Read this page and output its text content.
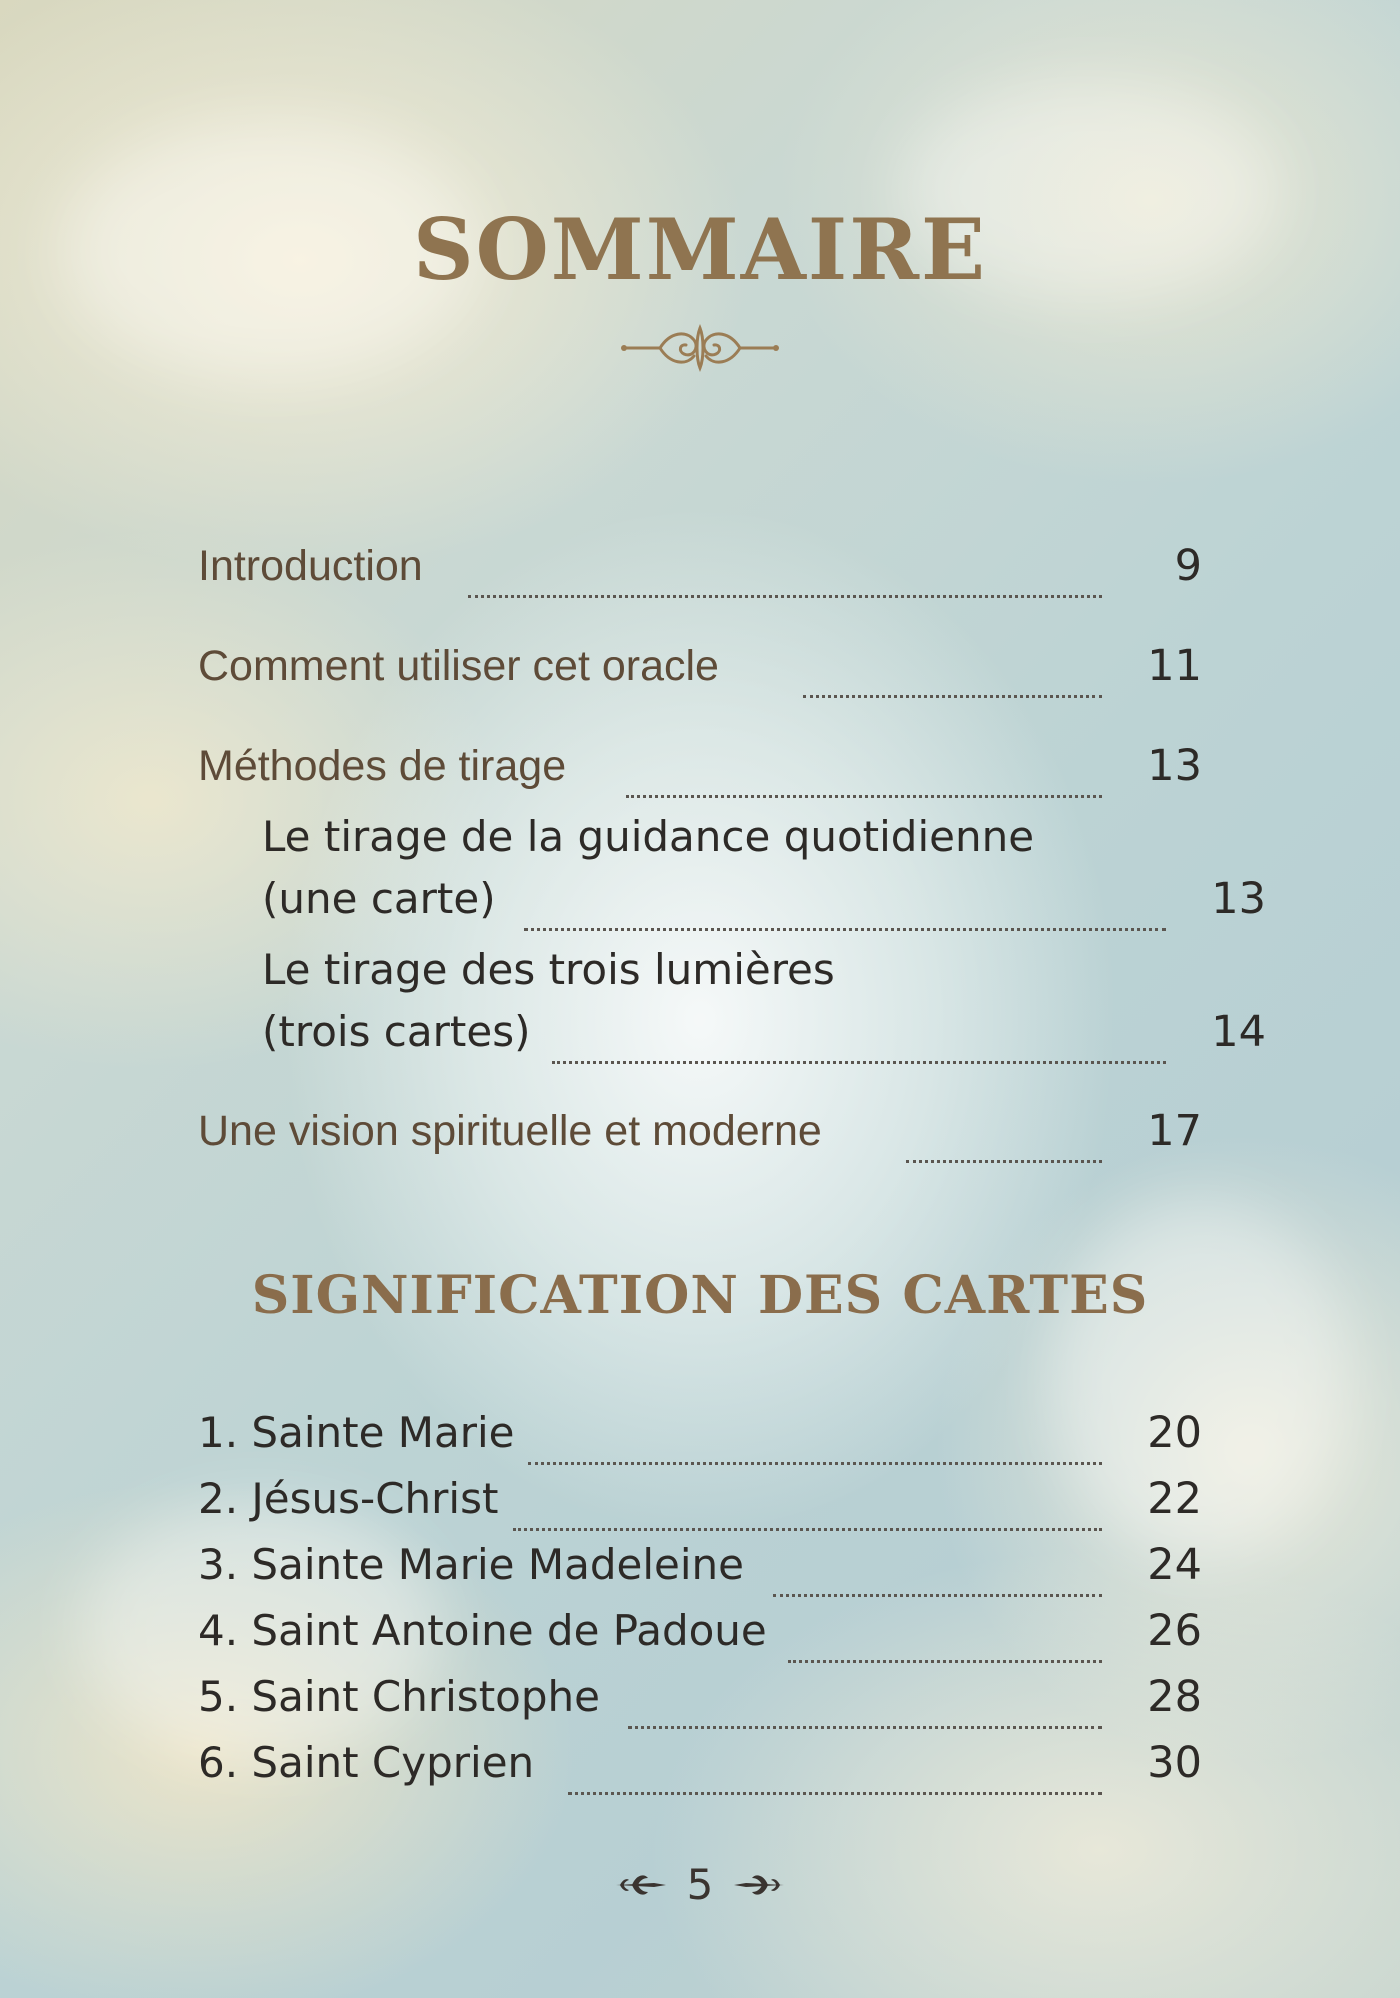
SOMMAIRE
Introduction	9
Comment utiliser cet oracle	11
Méthodes de tirage	13
Le tirage de la guidance quotidienne
(une carte)	13
Le tirage des trois lumières
(trois cartes)	14
Une vision spirituelle et moderne	17
SIGNIFICATION DES CARTES
1. Sainte Marie	20
2. Jésus-Christ	22
3. Sainte Marie Madeleine	24
4. Saint Antoine de Padoue	26
5. Saint Christophe	28
6. Saint Cyprien	30
5
